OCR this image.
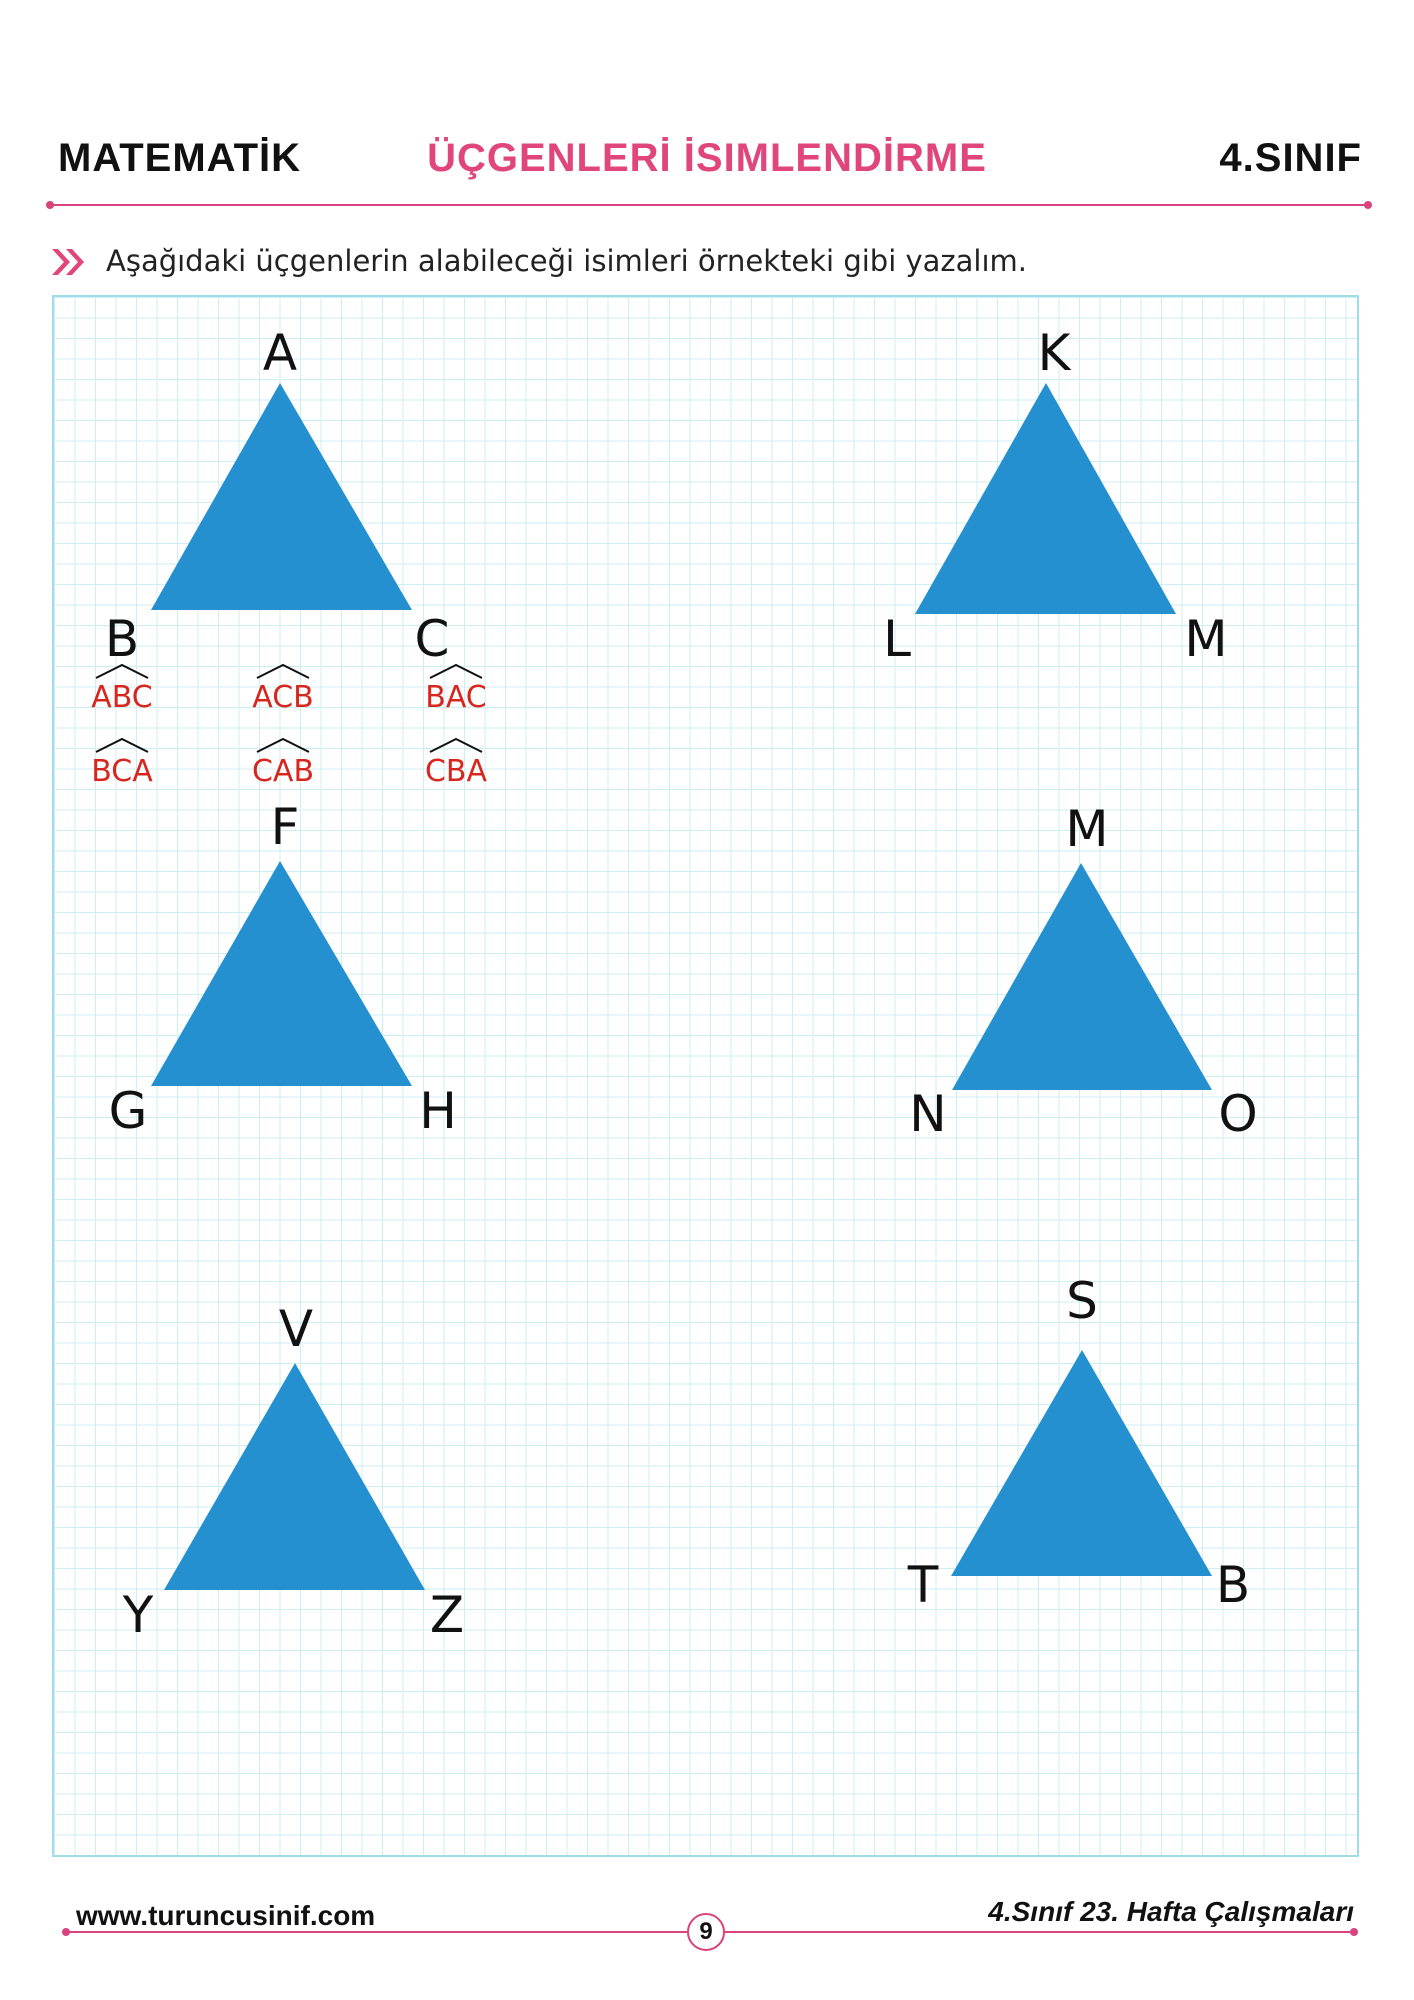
MATEMATİK	ÜÇGENLERİ İSIMLENDİRME	4.SINIF
Aşağıdaki üçgenlerin alabileceği isimleri örnekteki gibi yazalım.
A
B	C
K
L	M
F
G	H
M
N	O
V
Y	Z
S
T	B
ABC	ACB	BAC
BCA	CAB	CBA
www.turuncusinif.com	4.Sınıf 23. Hafta Çalışmaları
9
